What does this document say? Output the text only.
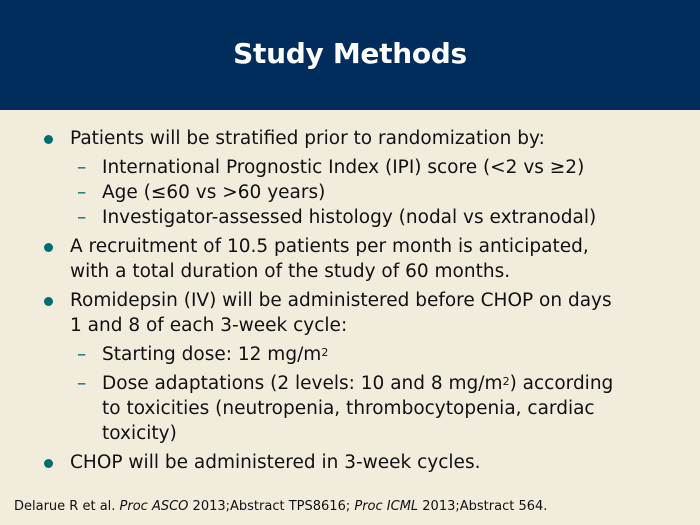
Study Methods
Patients will be stratified prior to randomization by:
– International Prognostic Index (IPI) score (<2 vs ≥2)
– Age (≤60 vs >60 years)
– Investigator-assessed histology (nodal vs extranodal)
A recruitment of 10.5 patients per month is anticipated,
with a total duration of the study of 60 months.
Romidepsin (IV) will be administered before CHOP on days
1 and 8 of each 3-week cycle:
– Starting dose: 12 $mg/m^2$
– Dose adaptations (2 levels: 10 and 8 $mg/m^2$) according
to toxicities (neutropenia, thrombocytopenia, cardiac
toxicity)
CHOP will be administered in 3-week cycles.
Delarue R et al. Proc ASCO 2013;Abstract TPS8616; Proc ICML 2013;Abstract 564.
